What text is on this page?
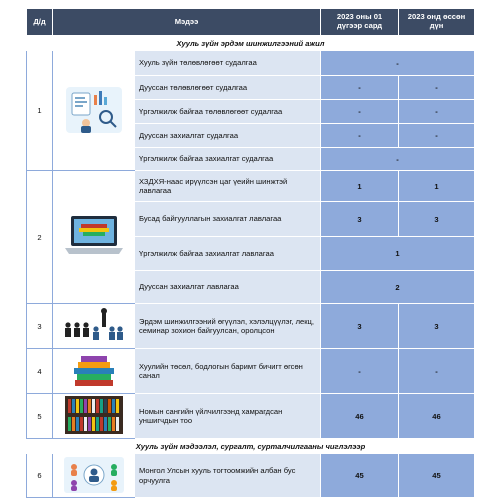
Д/д	Мэдээ		2023 оны 01 дүгээр сард	2023 онд өссөн дүн
Хууль зүйн эрдэм шинжилгээний ажил				
1		Хууль зүйн төлөвлөгөөт судалгаа	-	
		Дууссан төлөвлөгөөт судалгаа	-	-
		Үргэлжилж байгаа төлөвлөгөөт судалгаа	-	-
		Дууссан захиалгат судалгаа	-	-
		Үргэлжилж байгаа захиалгат судалгаа	-	
2		ХЗДХЯ-наас ирүүлсэн цаг үеийн шинжтэй лавлагаа	1	1
		Бусад байгууллагын захиалгат лавлагаа	3	3
		Үргэлжилж байгаа захиалгат лавлагаа	1	
		Дууссан захиалгат лавлагаа	2	
3		Эрдэм шинжилгээний өгүүлэл, хэлэлцүүлэг, лекц, семинар зохион байгуулсан, оролцсон	3	3
4		Хуулийн төсөл, бодлогын баримт бичигт өгсөн санал	-	-
5		Номын сангийн үйлчилгээнд хамрагдсан уншигчдын тоо	46	46
Хууль зүйн мэдээлэл, сургалт, сурталчилгааны чиглэлээр				
6		Монгол Улсын хууль тогтоомжийн албан бус орчуулга	45	45
